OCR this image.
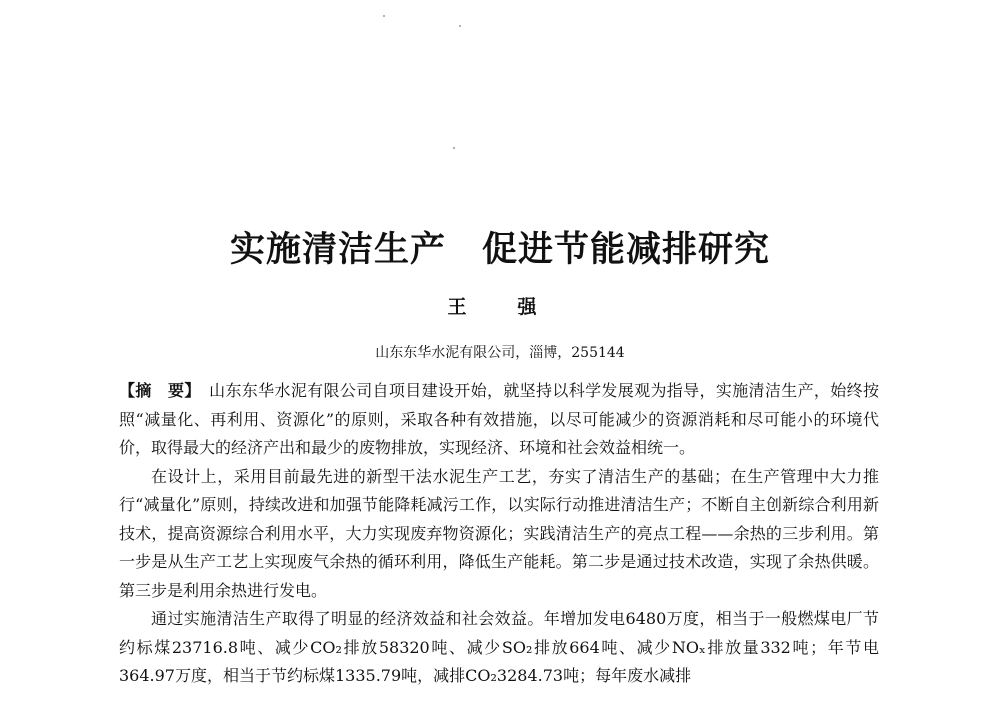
实施清洁生产　促进节能减排研究
王　强
山东东华水泥有限公司，淄博，255144

【摘　要】　 山东东华水泥有限公司自项目建设开始，就坚持以科学发展观为指导，实施清洁生产，始终按照“减量化、再利用、资源化”的原则，采取各种有效措施，以尽可能减少的资源消耗和尽可能小的环境代价，取得最大的经济产出和最少的废物排放，实现经济、环境和社会效益相统一。

在设计上，采用目前最先进的新型干法水泥生产工艺，夯实了清洁生产的基础；在生产管理中大力推行“减量化”原则，持续改进和加强节能降耗减污工作，以实际行动推进清洁生产；不断自主创新综合利用新技术，提高资源综合利用水平，大力实现废弃物资源化；实践清洁生产的亮点工程——余热的三步利用。第一步是从生产工艺上实现废气余热的循环利用，降低生产能耗。第二步是通过技术改造，实现了余热供暖。第三步是利用余热进行发电。

通过实施清洁生产取得了明显的经济效益和社会效益。年增加发电6480万度，相当于一般燃煤电厂节约标煤23716.8吨、减少CO₂排放58320吨、减少SO₂排放664吨、减少NOₓ排放量332吨；年节电364.97万度，相当于节约标煤1335.79吨，减排CO₂3284.73吨；每年废水减排
